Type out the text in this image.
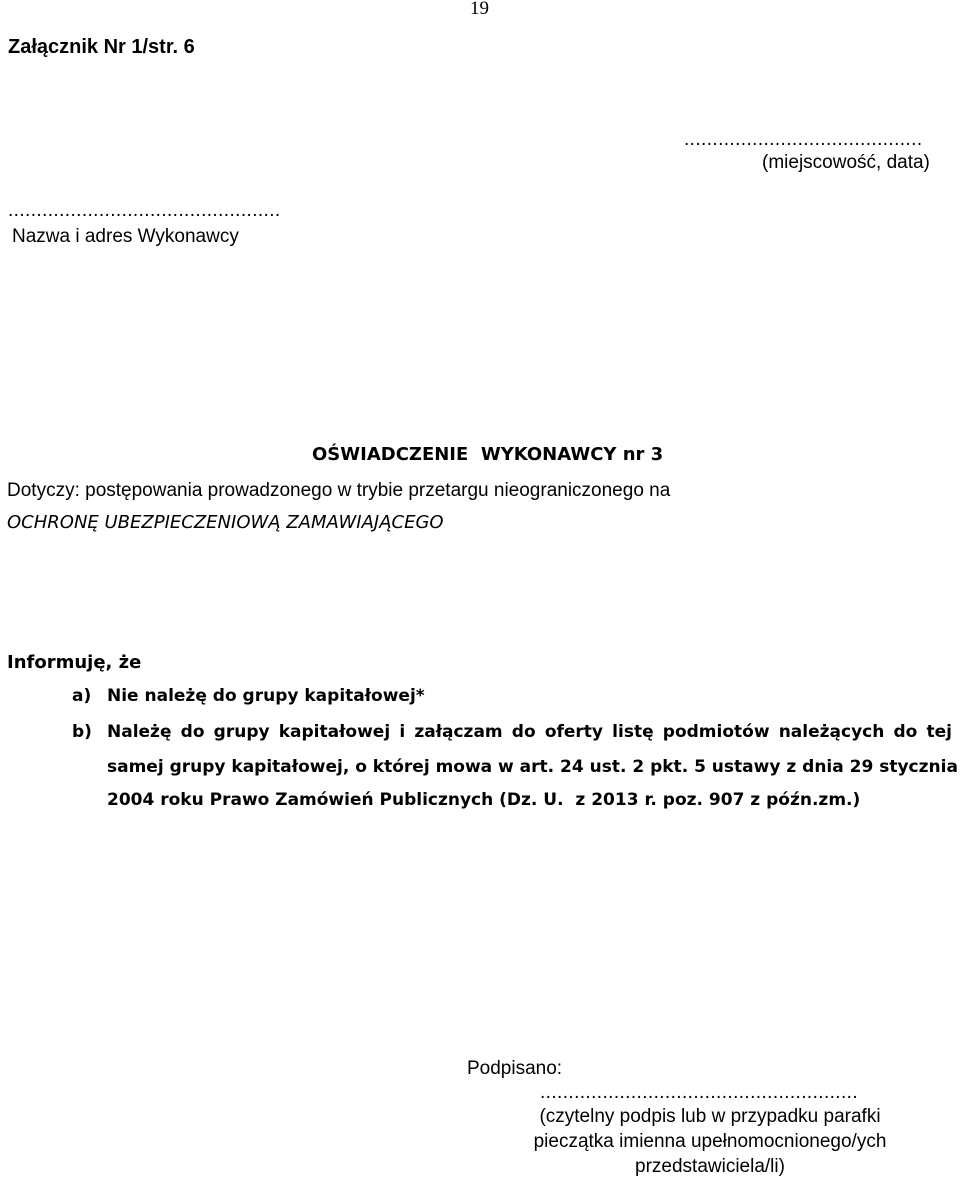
19
Załącznik Nr 1/str. 6
..........................................
(miejscowość, data)
................................................
Nazwa i adres Wykonawcy
OŚWIADCZENIE  WYKONAWCY nr 3
Dotyczy: postępowania prowadzonego w trybie przetargu nieograniczonego na
OCHRONĘ UBEZPIECZENIOWĄ ZAMAWIAJĄCEGO
Informuję, że
a) Nie należę do grupy kapitałowej*
b) Należę do grupy kapitałowej i załączam do oferty listę podmiotów należących do tej
samej grupy kapitałowej, o której mowa w art. 24 ust. 2 pkt. 5 ustawy z dnia 29 stycznia
2004 roku Prawo Zamówień Publicznych (Dz. U.  z 2013 r. poz. 907 z późn.zm.)
Podpisano:
........................................................
(czytelny podpis lub w przypadku parafki pieczątka imienna upełnomocnionego/ych przedstawiciela/li)
